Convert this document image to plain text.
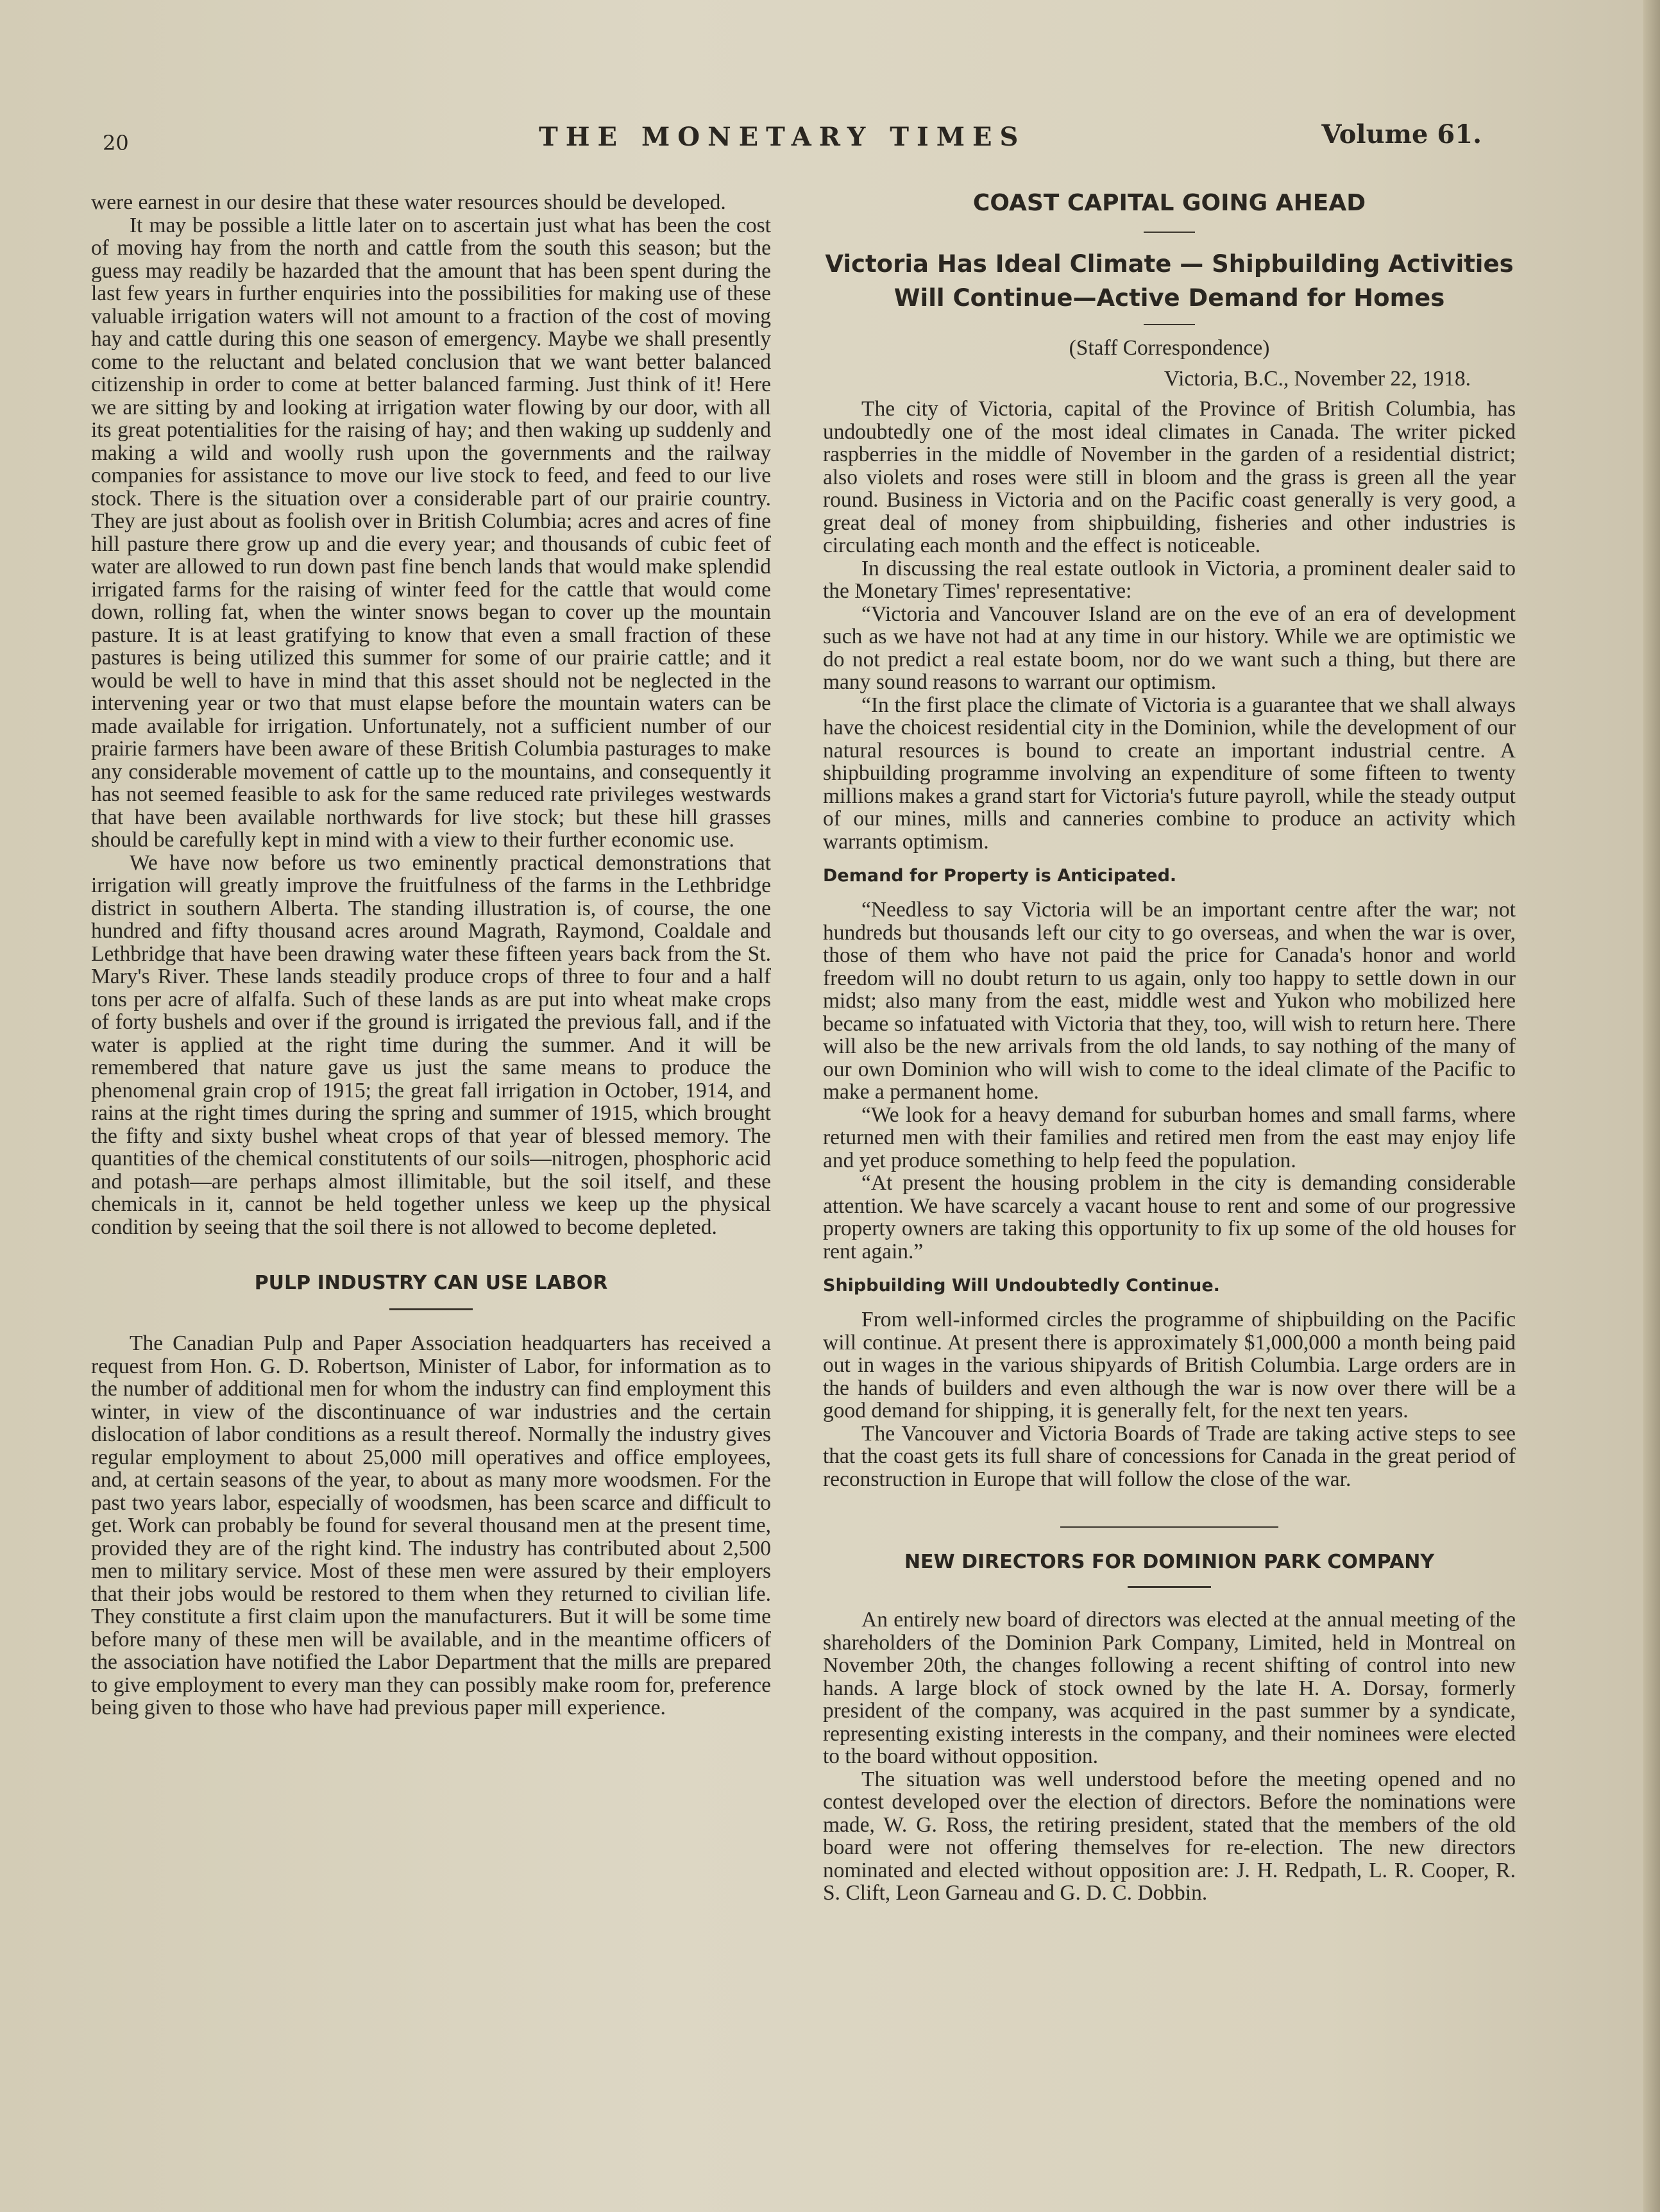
20	THE MONETARY TIMES	Volume 61.

were earnest in our desire that these water resources should be developed.

It may be possible a little later on to ascertain just what has been the cost of moving hay from the north and cattle from the south this season; but the guess may readily be hazarded that the amount that has been spent during the last few years in further enquiries into the possibilities for making use of these valuable irrigation waters will not amount to a fraction of the cost of moving hay and cattle during this one season of emergency. Maybe we shall presently come to the reluctant and belated conclusion that we want better balanced citizenship in order to come at better balanced farming. Just think of it! Here we are sitting by and looking at irrigation water flowing by our door, with all its great potentialities for the raising of hay; and then waking up suddenly and making a wild and woolly rush upon the governments and the railway companies for assistance to move our live stock to feed, and feed to our live stock. There is the situation over a considerable part of our prairie country. They are just about as foolish over in British Columbia; acres and acres of fine hill pasture there grow up and die every year; and thousands of cubic feet of water are allowed to run down past fine bench lands that would make splendid irrigated farms for the raising of winter feed for the cattle that would come down, rolling fat, when the winter snows began to cover up the mountain pasture. It is at least gratifying to know that even a small fraction of these pastures is being utilized this summer for some of our prairie cattle; and it would be well to have in mind that this asset should not be neglected in the intervening year or two that must elapse before the mountain waters can be made available for irrigation. Unfortunately, not a sufficient number of our prairie farmers have been aware of these British Columbia pasturages to make any considerable movement of cattle up to the mountains, and consequently it has not seemed feasible to ask for the same reduced rate privileges westwards that have been available northwards for live stock; but these hill grasses should be carefully kept in mind with a view to their further economic use.

We have now before us two eminently practical demonstrations that irrigation will greatly improve the fruitfulness of the farms in the Lethbridge district in southern Alberta. The standing illustration is, of course, the one hundred and fifty thousand acres around Magrath, Raymond, Coaldale and Lethbridge that have been drawing water these fifteen years back from the St. Mary's River. These lands steadily produce crops of three to four and a half tons per acre of alfalfa. Such of these lands as are put into wheat make crops of forty bushels and over if the ground is irrigated the previous fall, and if the water is applied at the right time during the summer. And it will be remembered that nature gave us just the same means to produce the phenomenal grain crop of 1915; the great fall irrigation in October, 1914, and rains at the right times during the spring and summer of 1915, which brought the fifty and sixty bushel wheat crops of that year of blessed memory. The quantities of the chemical constitutents of our soils—nitrogen, phosphoric acid and potash—are perhaps almost illimitable, but the soil itself, and these chemicals in it, cannot be held together unless we keep up the physical condition by seeing that the soil there is not allowed to become depleted.

PULP INDUSTRY CAN USE LABOR

The Canadian Pulp and Paper Association headquarters has received a request from Hon. G. D. Robertson, Minister of Labor, for information as to the number of additional men for whom the industry can find employment this winter, in view of the discontinuance of war industries and the certain dislocation of labor conditions as a result thereof. Normally the industry gives regular employment to about 25,000 mill operatives and office employees, and, at certain seasons of the year, to about as many more woodsmen. For the past two years labor, especially of woodsmen, has been scarce and difficult to get. Work can probably be found for several thousand men at the present time, provided they are of the right kind. The industry has contributed about 2,500 men to military service. Most of these men were assured by their employers that their jobs would be restored to them when they returned to civilian life. They constitute a first claim upon the manufacturers. But it will be some time before many of these men will be available, and in the meantime officers of the association have notified the Labor Department that the mills are prepared to give employment to every man they can possibly make room for, preference being given to those who have had previous paper mill experience.

COAST CAPITAL GOING AHEAD
Victoria Has Ideal Climate — Shipbuilding Activities
Will Continue—Active Demand for Homes
(Staff Correspondence)
Victoria, B.C., November 22, 1918.

The city of Victoria, capital of the Province of British Columbia, has undoubtedly one of the most ideal climates in Canada. The writer picked raspberries in the middle of November in the garden of a residential district; also violets and roses were still in bloom and the grass is green all the year round. Business in Victoria and on the Pacific coast generally is very good, a great deal of money from shipbuilding, fisheries and other industries is circulating each month and the effect is noticeable.

In discussing the real estate outlook in Victoria, a prominent dealer said to the Monetary Times' representative:

“Victoria and Vancouver Island are on the eve of an era of development such as we have not had at any time in our history. While we are optimistic we do not predict a real estate boom, nor do we want such a thing, but there are many sound reasons to warrant our optimism.

“In the first place the climate of Victoria is a guarantee that we shall always have the choicest residential city in the Dominion, while the development of our natural resources is bound to create an important industrial centre. A shipbuilding programme involving an expenditure of some fifteen to twenty millions makes a grand start for Victoria's future payroll, while the steady output of our mines, mills and canneries combine to produce an activity which warrants optimism.

Demand for Property is Anticipated.

“Needless to say Victoria will be an important centre after the war; not hundreds but thousands left our city to go overseas, and when the war is over, those of them who have not paid the price for Canada's honor and world freedom will no doubt return to us again, only too happy to settle down in our midst; also many from the east, middle west and Yukon who mobilized here became so infatuated with Victoria that they, too, will wish to return here. There will also be the new arrivals from the old lands, to say nothing of the many of our own Dominion who will wish to come to the ideal climate of the Pacific to make a permanent home.

“We look for a heavy demand for suburban homes and small farms, where returned men with their families and retired men from the east may enjoy life and yet produce something to help feed the population.

“At present the housing problem in the city is demanding considerable attention. We have scarcely a vacant house to rent and some of our progressive property owners are taking this opportunity to fix up some of the old houses for rent again.”

Shipbuilding Will Undoubtedly Continue.

From well-informed circles the programme of shipbuilding on the Pacific will continue. At present there is approximately $1,000,000 a month being paid out in wages in the various shipyards of British Columbia. Large orders are in the hands of builders and even although the war is now over there will be a good demand for shipping, it is generally felt, for the next ten years.

The Vancouver and Victoria Boards of Trade are taking active steps to see that the coast gets its full share of concessions for Canada in the great period of reconstruction in Europe that will follow the close of the war.

NEW DIRECTORS FOR DOMINION PARK COMPANY

An entirely new board of directors was elected at the annual meeting of the shareholders of the Dominion Park Company, Limited, held in Montreal on November 20th, the changes following a recent shifting of control into new hands. A large block of stock owned by the late H. A. Dorsay, formerly president of the company, was acquired in the past summer by a syndicate, representing existing interests in the company, and their nominees were elected to the board without opposition.

The situation was well understood before the meeting opened and no contest developed over the election of directors. Before the nominations were made, W. G. Ross, the retiring president, stated that the members of the old board were not offering themselves for re-election. The new directors nominated and elected without opposition are: J. H. Redpath, L. R. Cooper, R. S. Clift, Leon Garneau and G. D. C. Dobbin.
